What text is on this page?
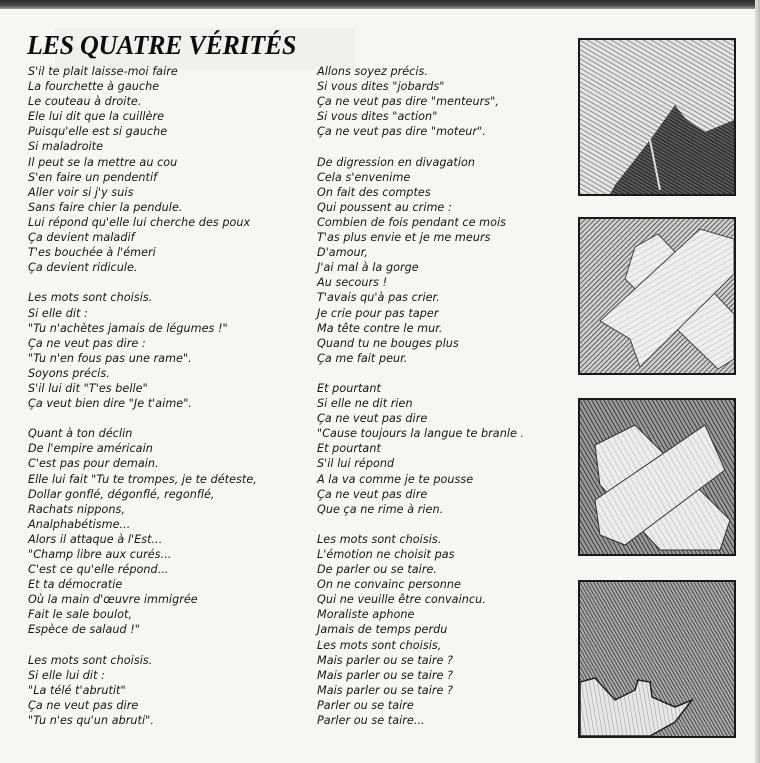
LES QUATRE VÉRITÉS
S'il te plait laisse-moi faire
La fourchette à gauche
Le couteau à droite.
Ele lui dit que la cuillère
Puisqu'elle est si gauche
Si maladroite
Il peut se la mettre au cou
S'en faire un pendentif
Aller voir si j'y suis
Sans faire chier la pendule.
Lui répond qu'elle lui cherche des poux
Ça devient maladif
T'es bouchée à l'émeri
Ça devient ridicule.
Les mots sont choisis.
Si elle dit :
"Tu n'achètes jamais de légumes !"
Ça ne veut pas dire :
"Tu n'en fous pas une rame".
Soyons précis.
S'il lui dit "T'es belle"
Ça veut bien dire "Je t'aime".
Quant à ton déclin
De l'empire américain
C'est pas pour demain.
Elle lui fait "Tu te trompes, je te déteste,
Dollar gonflé, dégonflé, regonflé,
Rachats nippons,
Analphabétisme...
Alors il attaque à l'Est...
"Champ libre aux curés...
C'est ce qu'elle répond...
Et ta démocratie
Où la main d'œuvre immigrée
Fait le sale boulot,
Espèce de salaud !"
Les mots sont choisis.
Si elle lui dit :
"La télé t'abrutit"
Ça ne veut pas dire
"Tu n'es qu'un abruti".
Allons soyez précis.
Si vous dites "jobards"
Ça ne veut pas dire "menteurs",
Si vous dites "action"
Ça ne veut pas dire "moteur".
De digression en divagation
Cela s'envenime
On fait des comptes
Qui poussent au crime :
Combien de fois pendant ce mois
T'as plus envie et je me meurs
D'amour,
J'ai mal à la gorge
Au secours !
T'avais qu'à pas crier.
Je crie pour pas taper
Ma tête contre le mur.
Quand tu ne bouges plus
Ça me fait peur.
Et pourtant
Si elle ne dit rien
Ça ne veut pas dire
"Cause toujours la langue te branle .
Et pourtant
S'il lui répond
A la va comme je te pousse
Ça ne veut pas dire
Que ça ne rime à rien.
Les mots sont choisis.
L'émotion ne choisit pas
De parler ou se taire.
On ne convainc personne
Qui ne veuille être convaincu.
Moraliste aphone
Jamais de temps perdu
Les mots sont choisis,
Mais parler ou se taire ?
Mais parler ou se taire ?
Mais parler ou se taire ?
Parler ou se taire
Parler ou se taire...
